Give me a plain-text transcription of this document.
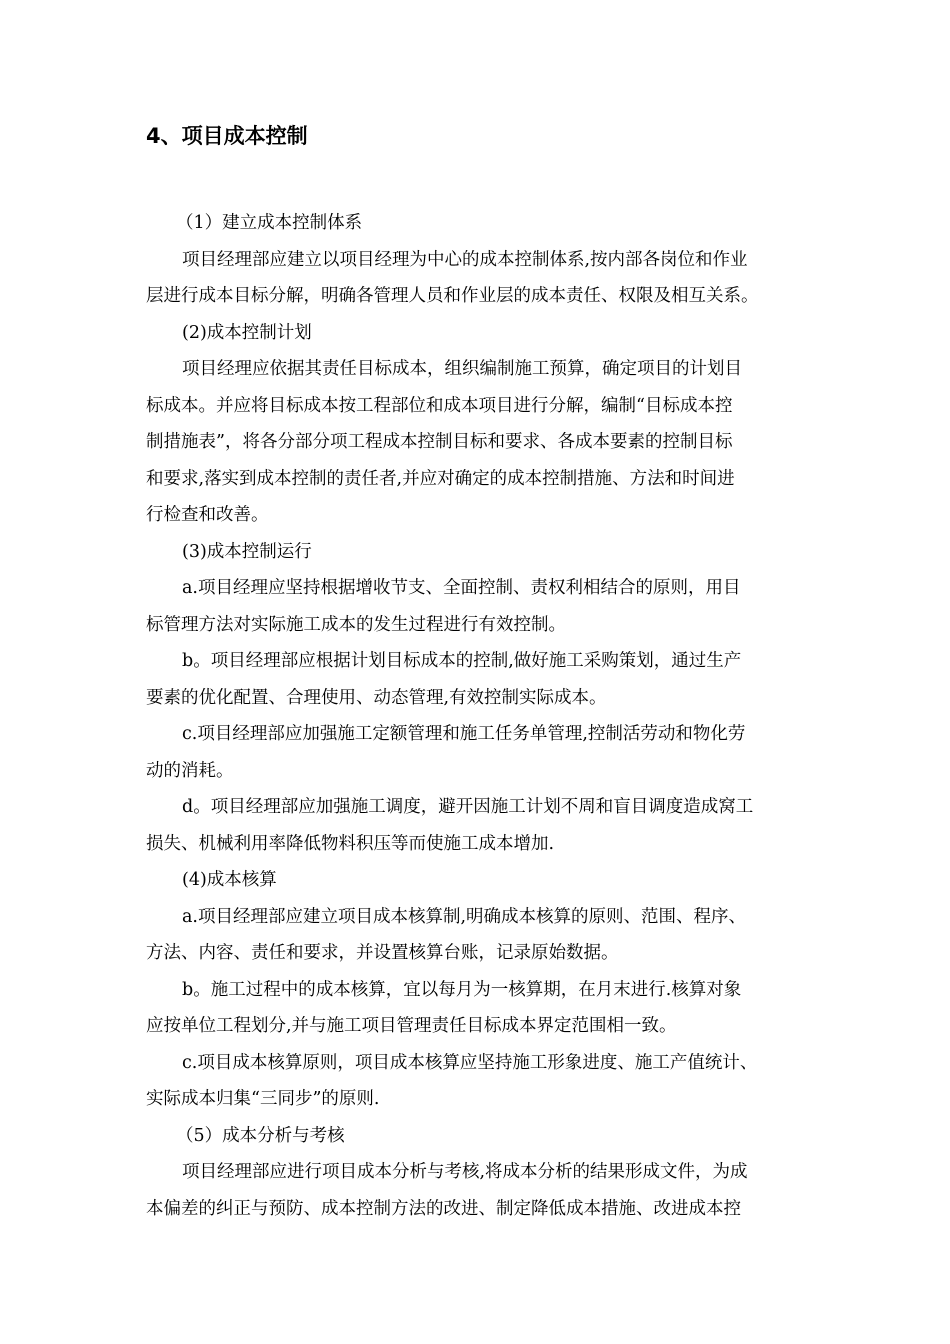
4、项目成本控制

（1）建立成本控制体系

项目经理部应建立以项目经理为中心的成本控制体系,按内部各岗位和作业

层进行成本目标分解，明确各管理人员和作业层的成本责任、权限及相互关系。

(2)成本控制计划

项目经理应依据其责任目标成本，组织编制施工预算，确定项目的计划目

标成本。并应将目标成本按工程部位和成本项目进行分解，编制“目标成本控

制措施表”，将各分部分项工程成本控制目标和要求、各成本要素的控制目标

和要求,落实到成本控制的责任者,并应对确定的成本控制措施、方法和时间进

行检查和改善。

(3)成本控制运行

a.项目经理应坚持根据增收节支、全面控制、责权利相结合的原则，用目

标管理方法对实际施工成本的发生过程进行有效控制。

b。项目经理部应根据计划目标成本的控制,做好施工采购策划，通过生产

要素的优化配置、合理使用、动态管理,有效控制实际成本。

c.项目经理部应加强施工定额管理和施工任务单管理,控制活劳动和物化劳

动的消耗。

d。项目经理部应加强施工调度，避开因施工计划不周和盲目调度造成窝工

损失、机械利用率降低物料积压等而使施工成本增加.

(4)成本核算

a.项目经理部应建立项目成本核算制,明确成本核算的原则、范围、程序、

方法、内容、责任和要求，并设置核算台账，记录原始数据。

b。施工过程中的成本核算，宜以每月为一核算期，在月末进行.核算对象

应按单位工程划分,并与施工项目管理责任目标成本界定范围相一致。

c.项目成本核算原则，项目成本核算应坚持施工形象进度、施工产值统计、

实际成本归集“三同步”的原则.

（5）成本分析与考核

项目经理部应进行项目成本分析与考核,将成本分析的结果形成文件，为成

本偏差的纠正与预防、成本控制方法的改进、制定降低成本措施、改进成本控
